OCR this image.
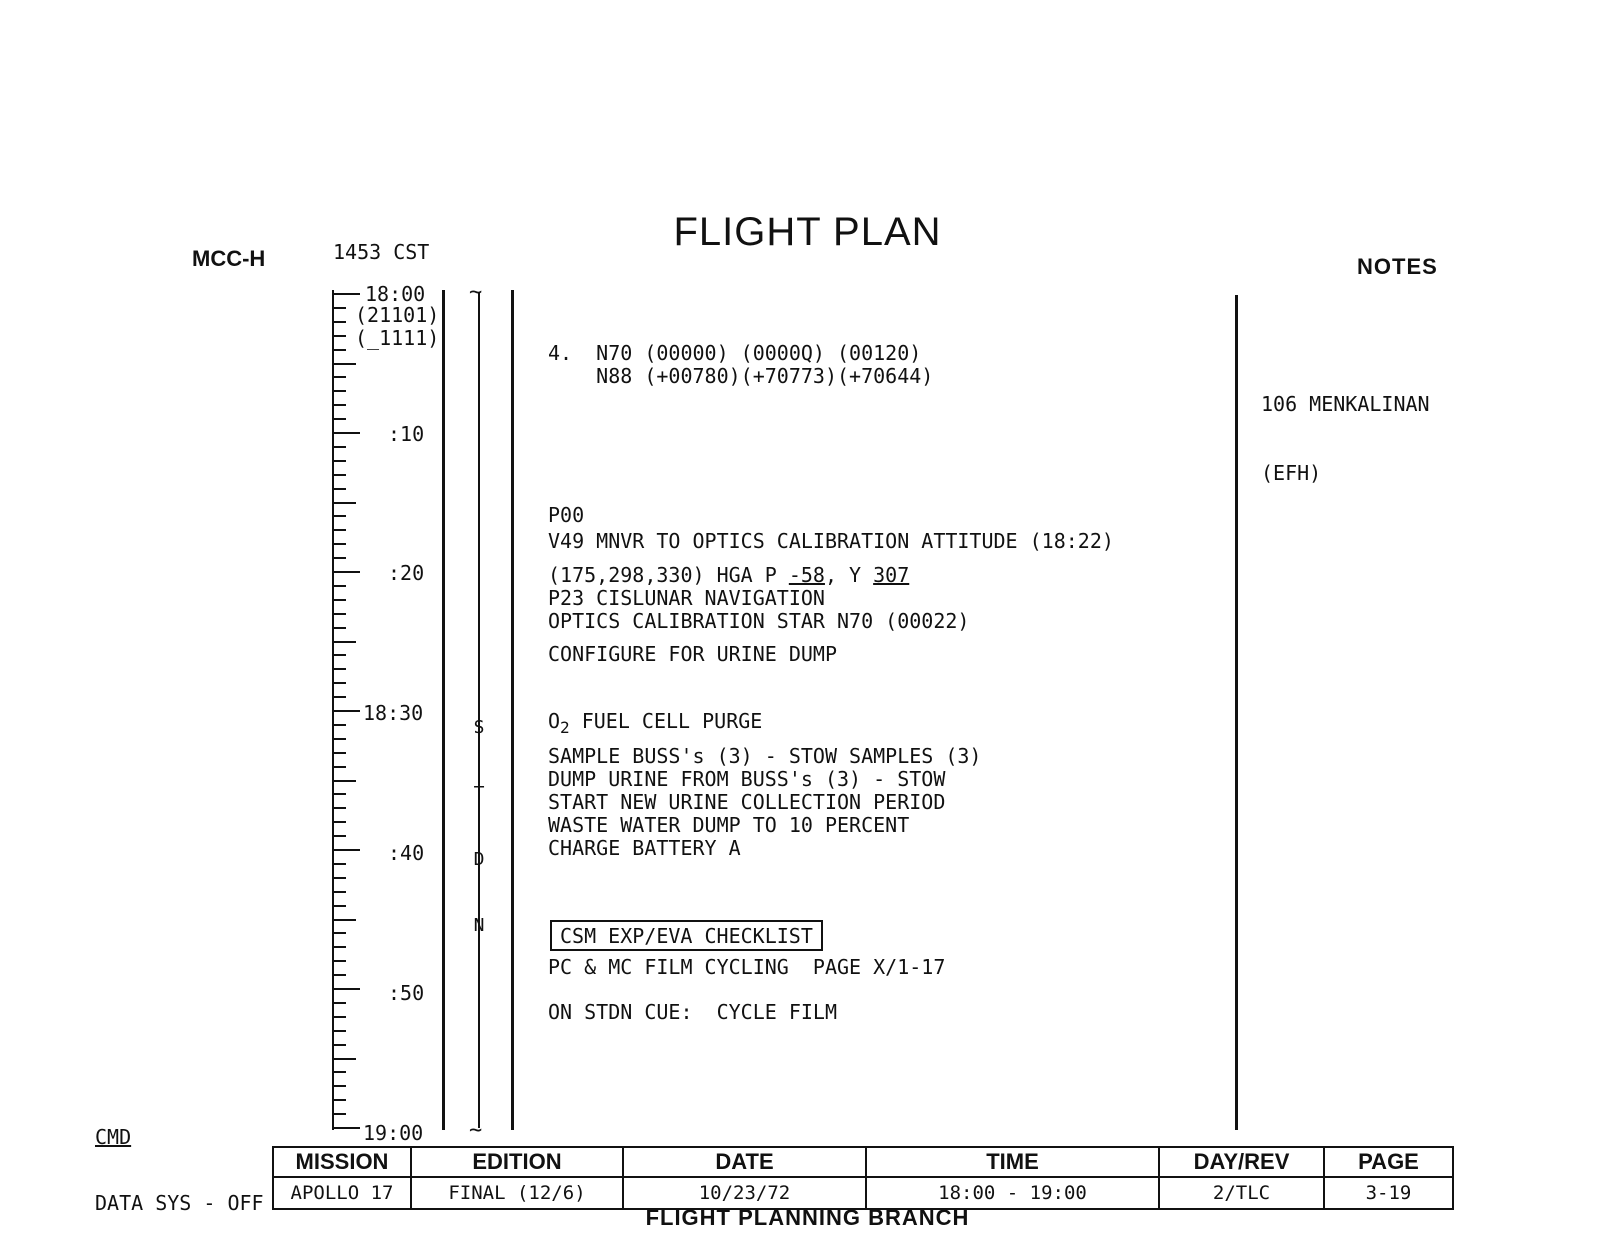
FLIGHT PLAN
MCC-H	1453 CST
NOTES
18:00
(21101)
(_1111)
:10
:20
18:30
:40
:50
19:00
~
~

S

T

D

N

4.  N70 (00000) (0000Q) (00120)
N88 (+00780)(+70773)(+70644)
P00
V49 MNVR TO OPTICS CALIBRATION ATTITUDE (18:22)
(175,298,330) HGA P -58, Y 307
P23 CISLUNAR NAVIGATION
OPTICS CALIBRATION STAR N70 (00022)
CONFIGURE FOR URINE DUMP
$O_2$ FUEL CELL PURGE
SAMPLE BUSS's (3) - STOW SAMPLES (3)
DUMP URINE FROM BUSS's (3) - STOW
START NEW URINE COLLECTION PERIOD
WASTE WATER DUMP TO 10 PERCENT
CHARGE BATTERY A
CSM EXP/EVA CHECKLIST
PC & MC FILM CYCLING  PAGE X/1-17
ON STDN CUE:  CYCLE FILM

106 MENKALINAN

(EFH)

CMD

DATA SYS - OFF

MISSION	EDITION	DATE	TIME	DAY/REV	PAGE
APOLLO 17	FINAL (12/6)	10/23/72	18:00 - 19:00	2/TLC	3-19
FLIGHT PLANNING BRANCH
